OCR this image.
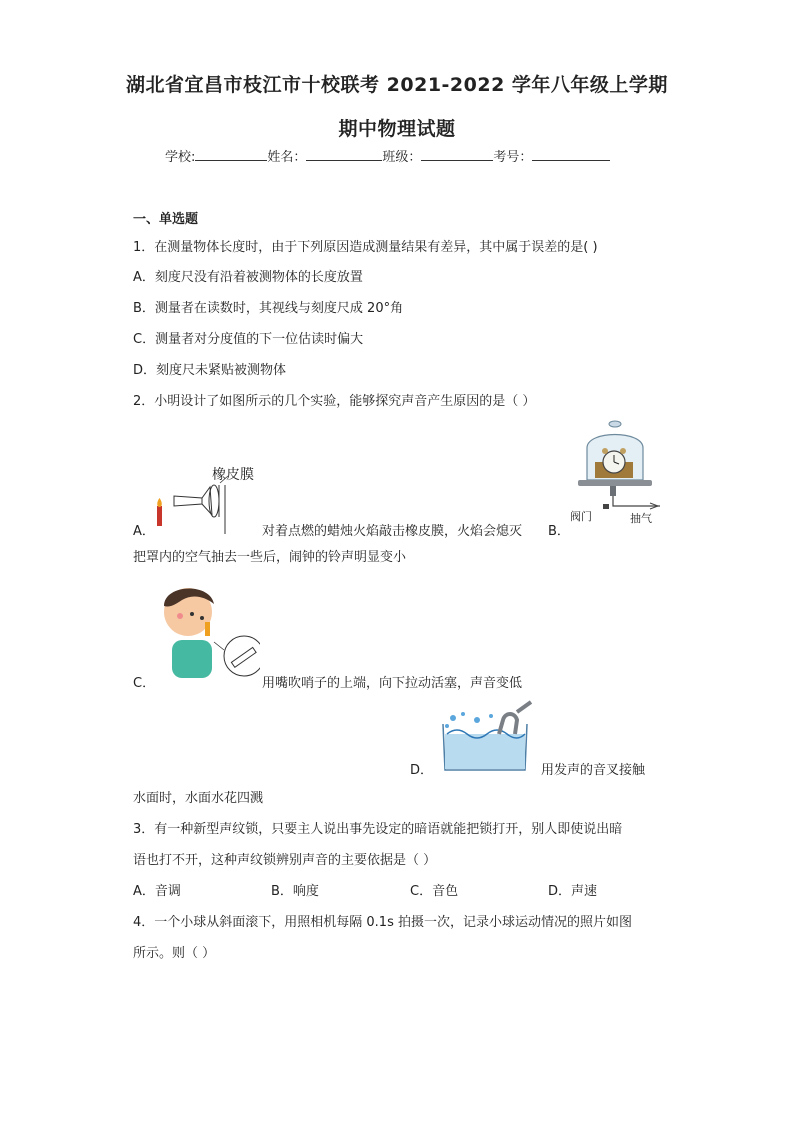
湖北省宜昌市枝江市十校联考 2021-2022 学年八年级上学期
期中物理试题
学校:	姓名：	班级：	考号：
一、单选题
1．在测量物体长度时，由于下列原因造成测量结果有差异，其中属于误差的是( )
A．刻度尺没有沿着被测物体的长度放置
B．测量者在读数时，其视线与刻度尺成 20°角
C．测量者对分度值的下一位估读时偏大
D．刻度尺未紧贴被测物体
2．小明设计了如图所示的几个实验，能够探究声音产生原因的是（ ）
橡皮膜
A．	对着点燃的蜡烛火焰敲击橡皮膜，火焰会熄灭 B．
阀门	抽气
把罩内的空气抽去一些后，闹钟的铃声明显变小
C．	用嘴吹哨子的上端，向下拉动活塞，声音变低
D．	用发声的音叉接触
水面时，水面水花四溅
3．有一种新型声纹锁，只要主人说出事先设定的暗语就能把锁打开，别人即使说出暗
语也打不开，这种声纹锁辨别声音的主要依据是（ ）
A．音调	B．响度	C．音色	D．声速
4．一个小球从斜面滚下，用照相机每隔 0.1s 拍摄一次，记录小球运动情况的照片如图
所示。则（ ）
